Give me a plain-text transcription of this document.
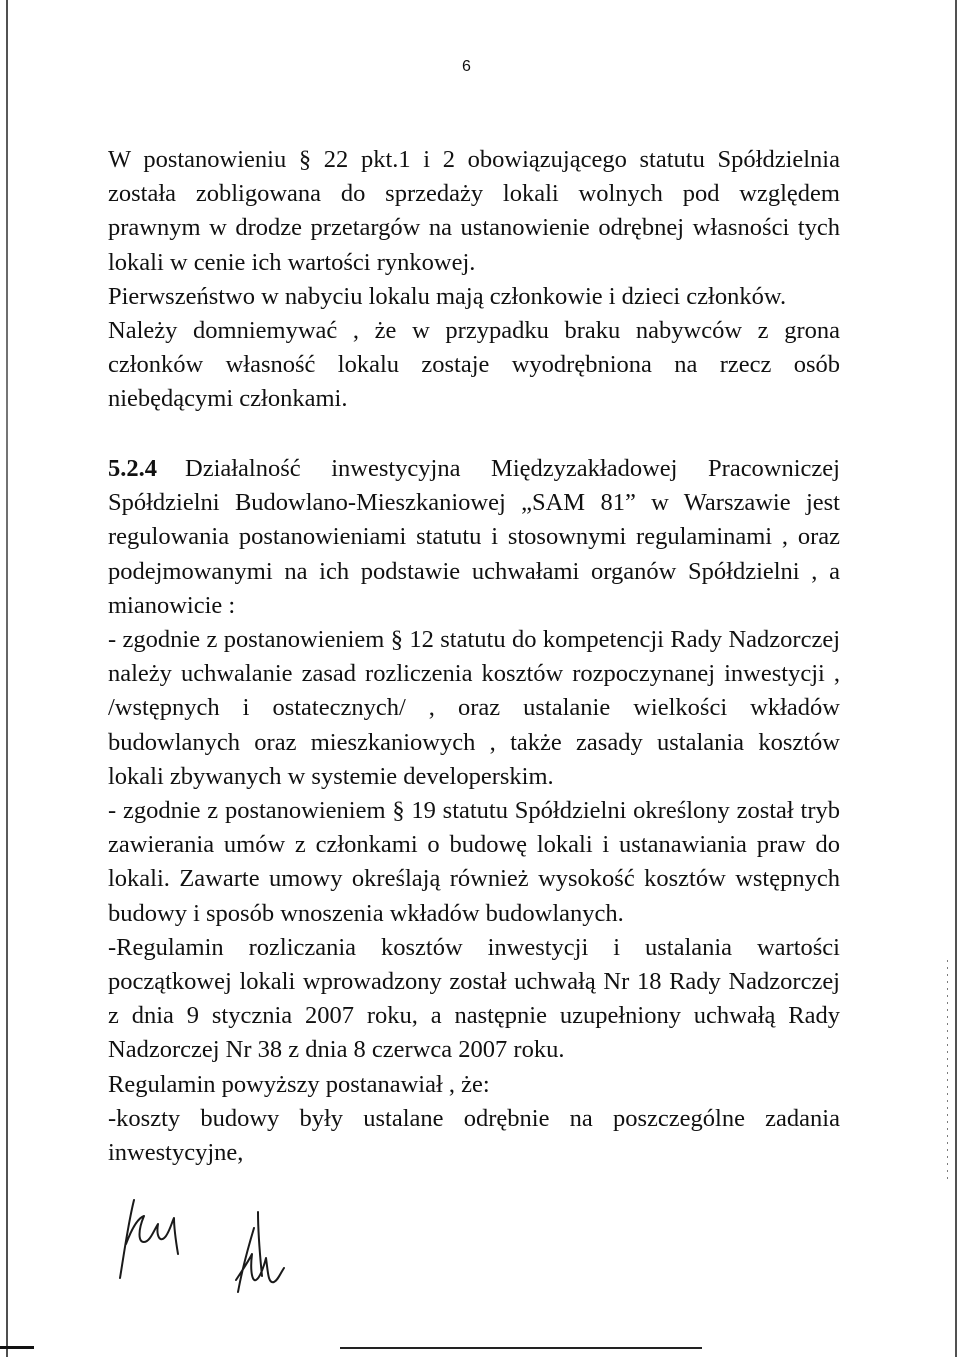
6

W postanowieniu § 22 pkt.1 i 2 obowiązującego statutu Spółdzielnia została zobligowana do sprzedaży lokali wolnych pod względem prawnym w drodze przetargów na ustanowienie odrębnej własności tych lokali w cenie ich wartości rynkowej.

Pierwszeństwo w nabyciu lokalu mają członkowie i dzieci członków.

Należy domniemywać , że w przypadku braku nabywców z grona członków własność lokalu zostaje wyodrębniona na rzecz osób niebędącymi członkami.

5.2.4 Działalność inwestycyjna Międzyzakładowej Pracowniczej Spółdzielni Budowlano-Mieszkaniowej „SAM 81” w Warszawie jest regulowania postanowieniami statutu i stosownymi regulaminami , oraz podejmowanymi na ich podstawie uchwałami organów Spółdzielni , a mianowicie :

- zgodnie z postanowieniem § 12 statutu do kompetencji Rady Nadzorczej należy uchwalanie zasad rozliczenia kosztów rozpoczynanej inwestycji , /wstępnych i ostatecznych/ , oraz ustalanie wielkości wkładów budowlanych oraz mieszkaniowych , także zasady ustalania kosztów lokali zbywanych w systemie developerskim.

- zgodnie z postanowieniem § 19 statutu Spółdzielni określony został tryb zawierania umów z członkami o budowę lokali i ustanawiania praw do lokali. Zawarte umowy określają również wysokość kosztów wstępnych budowy i sposób wnoszenia wkładów budowlanych.

-Regulamin rozliczania kosztów inwestycji i ustalania wartości początkowej lokali wprowadzony został uchwałą Nr 18 Rady Nadzorczej z dnia 9 stycznia 2007 roku, a następnie uzupełniony uchwałą Rady Nadzorczej Nr 38 z dnia 8 czerwca 2007 roku.

Regulamin powyższy postanawiał , że:

-koszty budowy były ustalane odrębnie na poszczególne zadania inwestycyjne,
